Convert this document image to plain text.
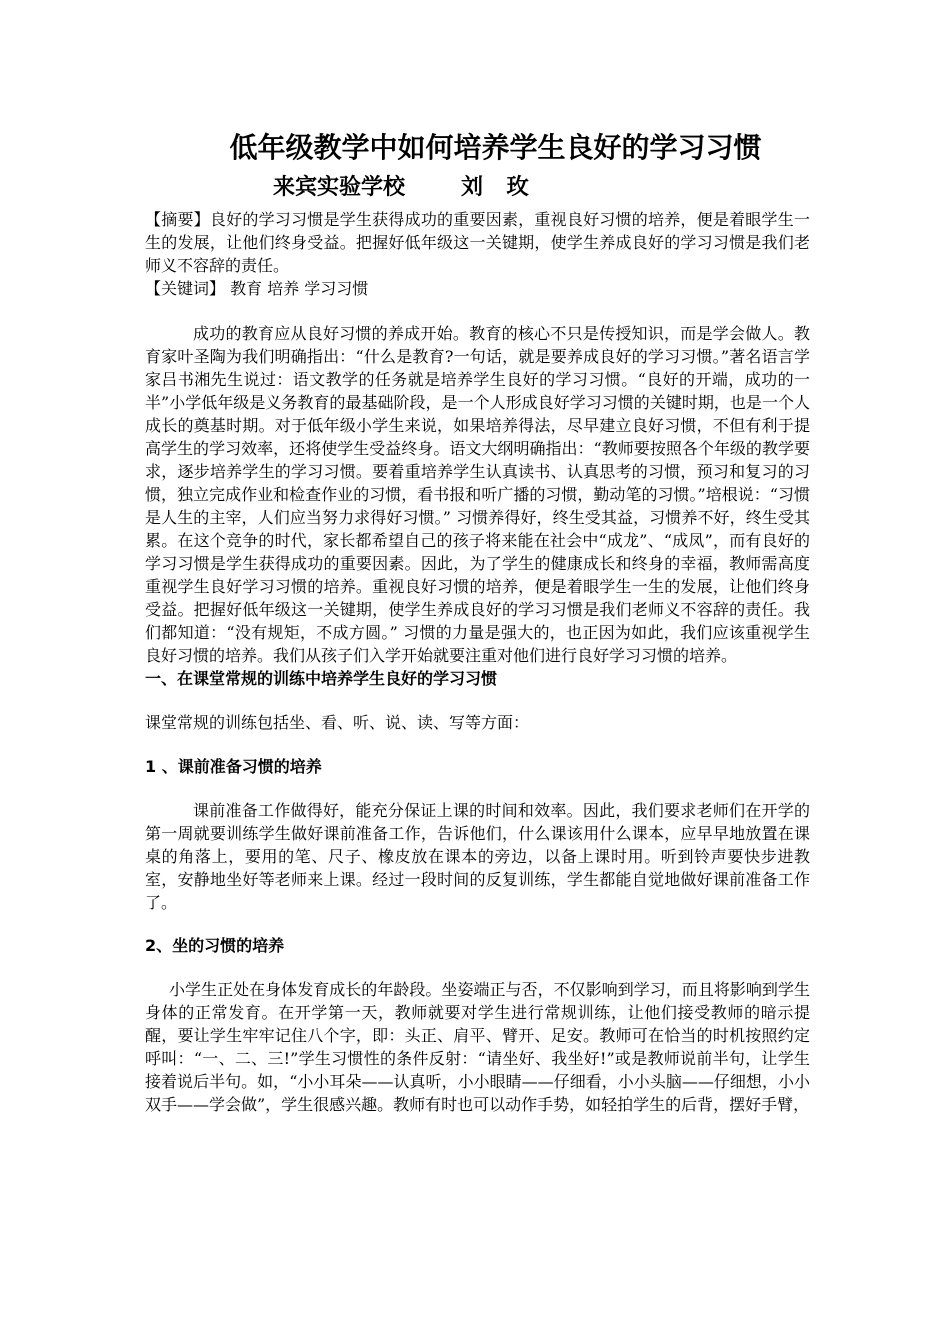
低年级教学中如何培养学生良好的学习习惯
来宾实验学校	刘 玫

【摘要】良好的学习习惯是学生获得成功的重要因素，重视良好习惯的培养，便是着眼学生一生的发展，让他们终身受益。把握好低年级这一关键期，使学生养成良好的学习习惯是我们老师义不容辞的责任。

【关键词】 教育 培养 学习习惯

成功的教育应从良好习惯的养成开始。教育的核心不只是传授知识，而是学会做人。教育家叶圣陶为我们明确指出：“什么是教育?一句话，就是要养成良好的学习习惯。”著名语言学家吕书湘先生说过：语文教学的任务就是培养学生良好的学习习惯。“良好的开端，成功的一半”小学低年级是义务教育的最基础阶段，是一个人形成良好学习习惯的关键时期，也是一个人成长的奠基时期。对于低年级小学生来说，如果培养得法，尽早建立良好习惯，不但有利于提高学生的学习效率，还将使学生受益终身。语文大纲明确指出：“教师要按照各个年级的教学要求，逐步培养学生的学习习惯。要着重培养学生认真读书、认真思考的习惯，预习和复习的习惯，独立完成作业和检查作业的习惯，看书报和听广播的习惯，勤动笔的习惯。”培根说：“习惯是人生的主宰，人们应当努力求得好习惯。” 习惯养得好，终生受其益，习惯养不好，终生受其累。在这个竞争的时代，家长都希望自己的孩子将来能在社会中“成龙”、“成凤”，而有良好的学习习惯是学生获得成功的重要因素。因此，为了学生的健康成长和终身的幸福，教师需高度重视学生良好学习习惯的培养。重视良好习惯的培养，便是着眼学生一生的发展，让他们终身受益。把握好低年级这一关键期，使学生养成良好的学习习惯是我们老师义不容辞的责任。我们都知道：“没有规矩，不成方圆。” 习惯的力量是强大的，也正因为如此，我们应该重视学生良好习惯的培养。我们从孩子们入学开始就要注重对他们进行良好学习习惯的培养。

一、在课堂常规的训练中培养学生良好的学习习惯
课堂常规的训练包括坐、看、听、说、读、写等方面：
1 、课前准备习惯的培养

课前准备工作做得好，能充分保证上课的时间和效率。因此，我们要求老师们在开学的第一周就要训练学生做好课前准备工作，告诉他们，什么课该用什么课本，应早早地放置在课桌的角落上，要用的笔、尺子、橡皮放在课本的旁边，以备上课时用。听到铃声要快步进教室，安静地坐好等老师来上课。经过一段时间的反复训练，学生都能自觉地做好课前准备工作了。

2、坐的习惯的培养

小学生正处在身体发育成长的年龄段。坐姿端正与否，不仅影响到学习，而且将影响到学生身体的正常发育。在开学第一天，教师就要对学生进行常规训练，让他们接受教师的暗示提醒，要让学生牢牢记住八个字，即：头正、肩平、臂开、足安。教师可在恰当的时机按照约定呼叫：“一、二、三!”学生习惯性的条件反射：“请坐好、我坐好!”或是教师说前半句，让学生接着说后半句。如，“小小耳朵——认真听，小小眼睛——仔细看，小小头脑——仔细想，小小双手——学会做”，学生很感兴趣。教师有时也可以动作手势，如轻拍学生的后背，摆好手臂，
